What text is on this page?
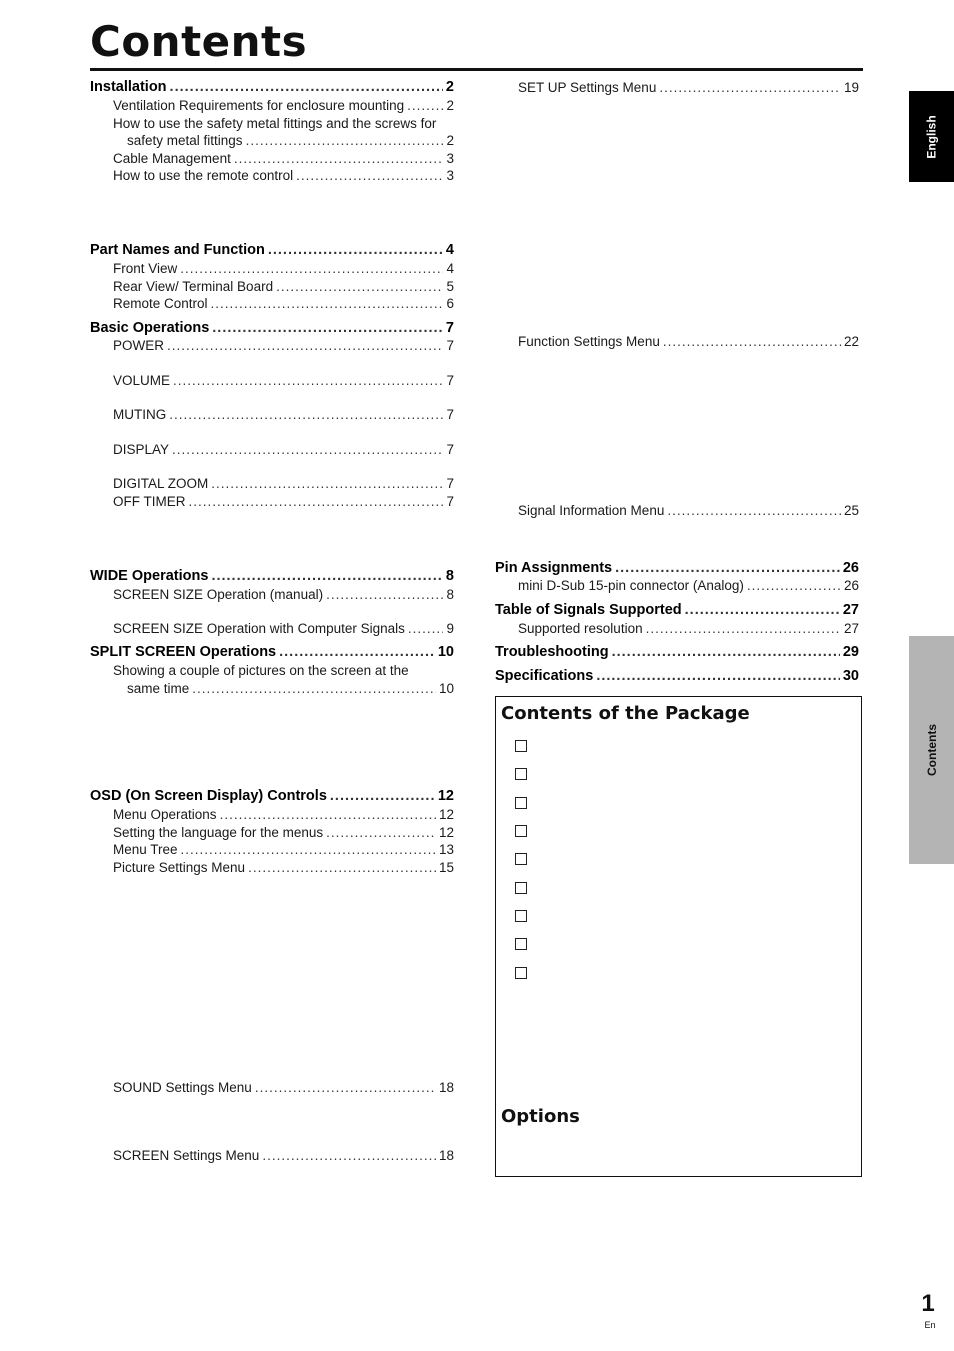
Contents
Installation .....	2
Ventilation Requirements for enclosure mounting .....	2
How to use the safety metal fittings and the screws for
safety metal fittings .....	2
Cable Management .....	3
How to use the remote control .....	3
Part Names and Function .....	4
Front View .....	4
Rear View/ Terminal Board .....	5
Remote Control .....	6
Basic Operations .....	7
POWER .....	7
VOLUME .....	7
MUTING .....	7
DISPLAY .....	7
DIGITAL ZOOM .....	7
OFF TIMER .....	7
WIDE Operations .....	8
SCREEN SIZE Operation (manual) .....	8
SCREEN SIZE Operation with Computer Signals .....	9
SPLIT SCREEN Operations .....	10
Showing a couple of pictures on the screen at the
same time .....	10
OSD (On Screen Display) Controls .....	12
Menu Operations .....	12
Setting the language for the menus .....	12
Menu Tree .....	13
Picture Settings Menu .....	15
SOUND Settings Menu .....	18
SCREEN Settings Menu .....	18
SET UP Settings Menu .....	19
Function Settings Menu .....	22
Signal Information Menu .....	25
Pin Assignments .....	26
mini D-Sub 15-pin connector (Analog) .....	26
Table of Signals Supported .....	27
Supported resolution .....	27
Troubleshooting .....	29
Specifications .....	30
Contents of the Package
Options
English
Contents
1
En
